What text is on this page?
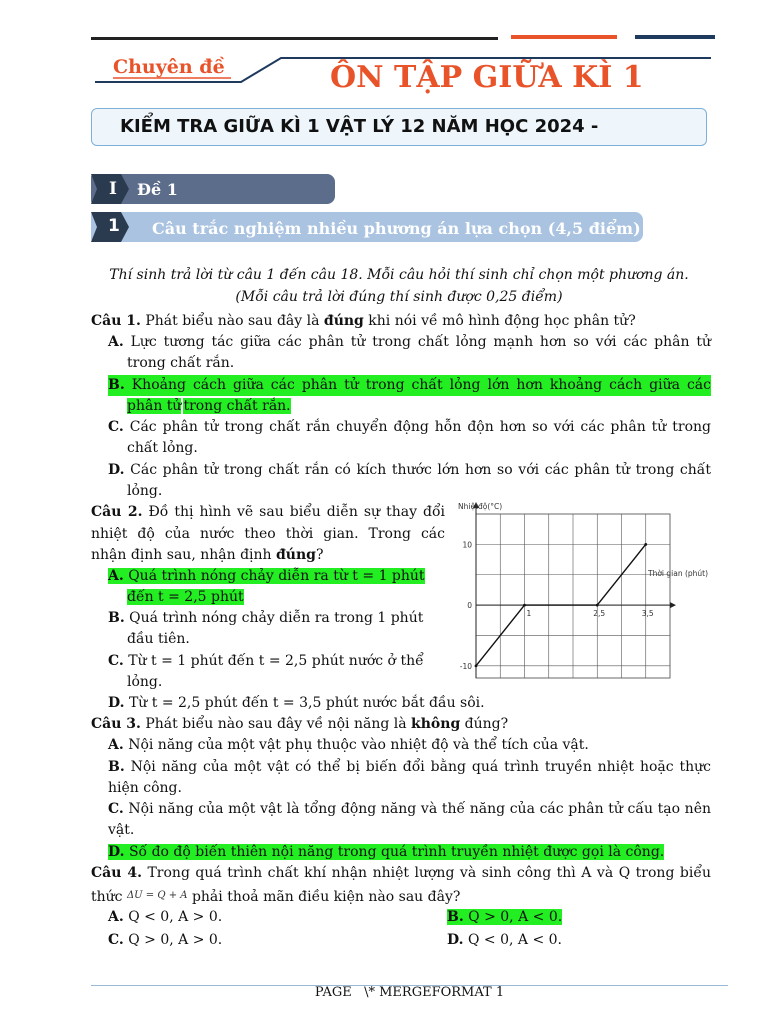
Chuyên đề	ÔN TẬP GIỮA KÌ 1
KIỂM TRA GIỮA KÌ 1 VẬT LÝ 12 NĂM HỌC 2024 -
I Đề 1
1 Câu trắc nghiệm nhiều phương án lựa chọn (4,5 điểm)
Thí sinh trả lời từ câu 1 đến câu 18. Mỗi câu hỏi thí sinh chỉ chọn một phương án.
(Mỗi câu trả lời đúng thí sinh được 0,25 điểm)
Câu 1. Phát biểu nào sau đây là đúng khi nói về mô hình động học phân tử?
A. Lực tương tác giữa các phân tử trong chất lỏng mạnh hơn so với các phân tử
trong chất rắn.
B. Khoảng cách giữa các phân tử trong chất lỏng lớn hơn khoảng cách giữa các
phân tử trong chất rắn.
C. Các phân tử trong chất rắn chuyển động hỗn độn hơn so với các phân tử trong
chất lỏng.
D. Các phân tử trong chất rắn có kích thước lớn hơn so với các phân tử trong chất
lỏng.
Câu 2. Đồ thị hình vẽ sau biểu diễn sự thay đổi
nhiệt độ của nước theo thời gian. Trong các
nhận định sau, nhận định đúng?
A. Quá trình nóng chảy diễn ra từ t = 1 phút
đến t = 2,5 phút
B. Quá trình nóng chảy diễn ra trong 1 phút
đầu tiên.
C. Từ t = 1 phút đến t = 2,5 phút nước ở thể
lỏng.
D. Từ t = 2,5 phút đến t = 3,5 phút nước bắt đầu sôi.
1	2,5	3,5
10
0
-10
Nhiệtđộ(°C)
Thời gian (phút)
Câu 3. Phát biểu nào sau đây về nội năng là không đúng?
A. Nội năng của một vật phụ thuộc vào nhiệt độ và thể tích của vật.
B. Nội năng của một vật có thể bị biến đổi bằng quá trình truyền nhiệt hoặc thực
hiện công.
C. Nội năng của một vật là tổng động năng và thế năng của các phân tử cấu tạo nên
vật.
D. Số đo độ biến thiên nội năng trong quá trình truyền nhiệt được gọi là công.
Câu 4. Trong quá trình chất khí nhận nhiệt lượng và sinh công thì A và Q trong biểu
thức $^{\Delta U = Q + A}$ phải thoả mãn điều kiện nào sau đây?
A. Q < 0, A > 0.	B. Q > 0, A < 0.
C. Q > 0, A > 0.	D. Q < 0, A < 0.
PAGE   \* MERGEFORMAT 1
